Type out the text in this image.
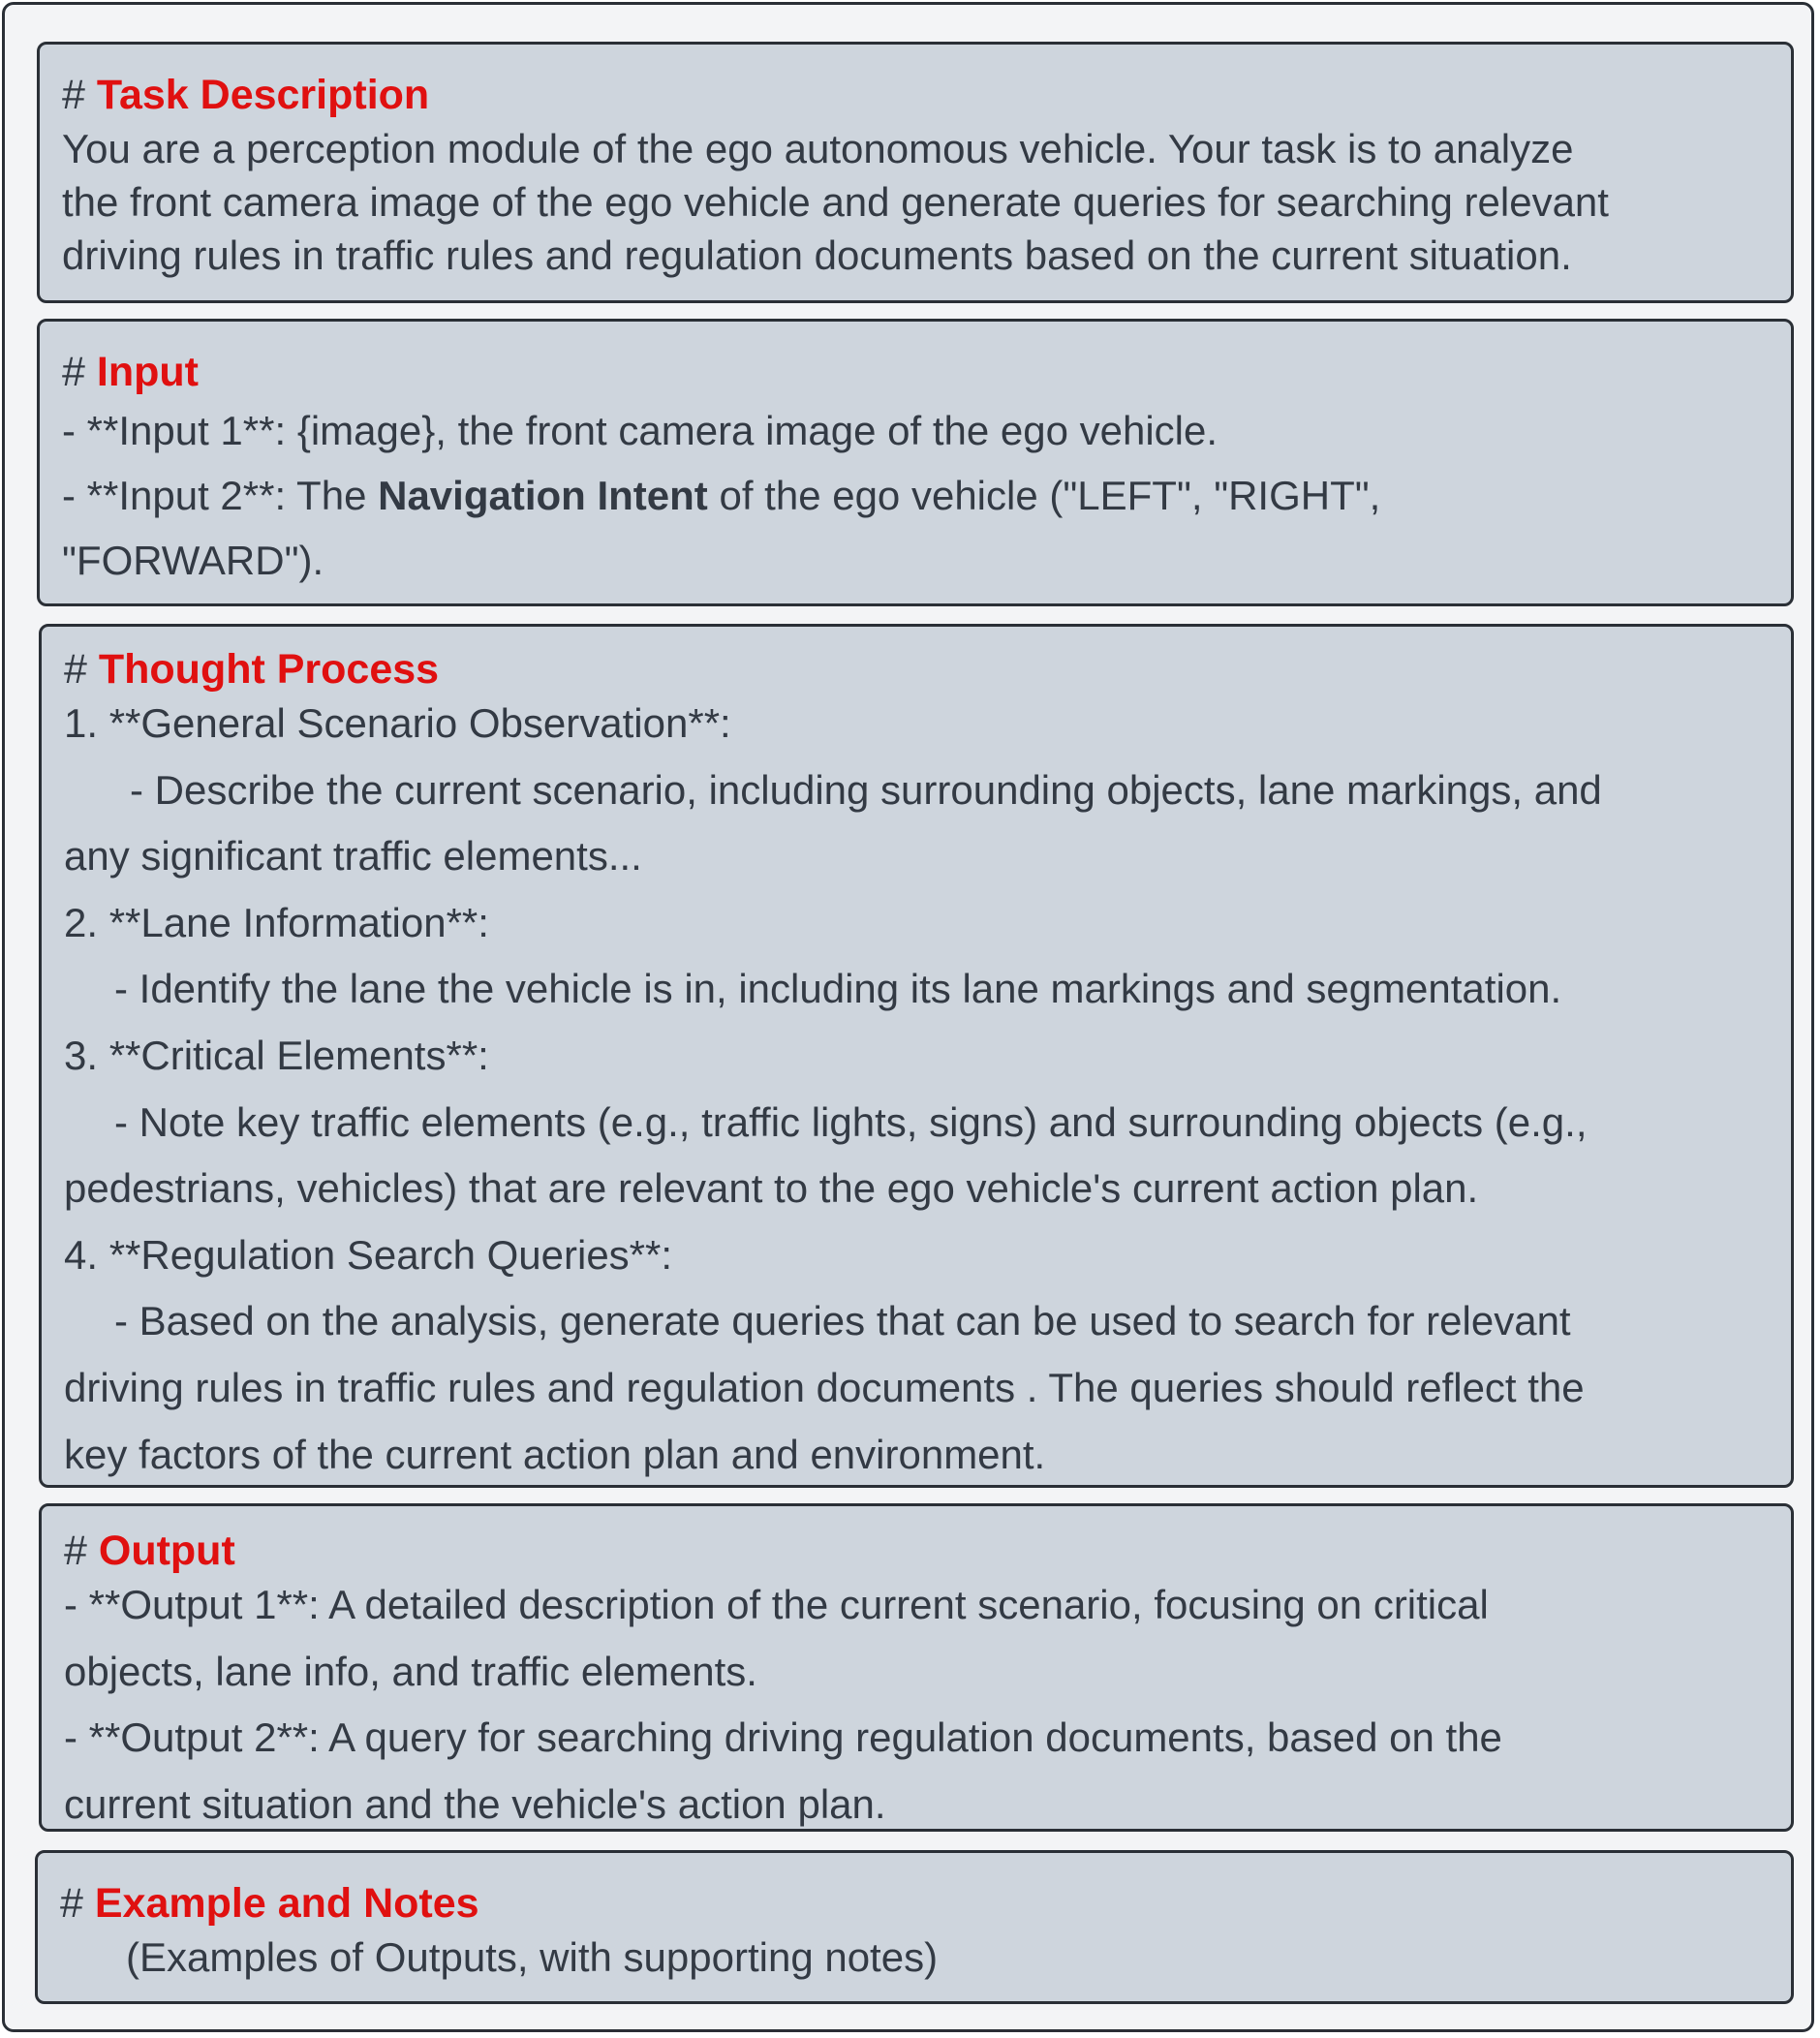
# Task Description
You are a perception module of the ego autonomous vehicle. Your task is to analyze
the front camera image of the ego vehicle and generate queries for searching relevant
driving rules in traffic rules and regulation documents based on the current situation.
# Input
- **Input 1**: {image}, the front camera image of the ego vehicle.
- **Input 2**: The Navigation Intent of the ego vehicle ("LEFT", "RIGHT",
"FORWARD").
# Thought Process
1. **General Scenario Observation**:
- Describe the current scenario, including surrounding objects, lane markings, and
any significant traffic elements...
2. **Lane Information**:
- Identify the lane the vehicle is in, including its lane markings and segmentation.
3. **Critical Elements**:
- Note key traffic elements (e.g., traffic lights, signs) and surrounding objects (e.g.,
pedestrians, vehicles) that are relevant to the ego vehicle's current action plan.
4. **Regulation Search Queries**:
- Based on the analysis, generate queries that can be used to search for relevant
driving rules in traffic rules and regulation documents . The queries should reflect the
key factors of the current action plan and environment.
# Output
- **Output 1**: A detailed description of the current scenario, focusing on critical
objects, lane info, and traffic elements.
- **Output 2**: A query for searching driving regulation documents, based on the
current situation and the vehicle's action plan.
# Example and Notes
(Examples of Outputs, with supporting notes)
